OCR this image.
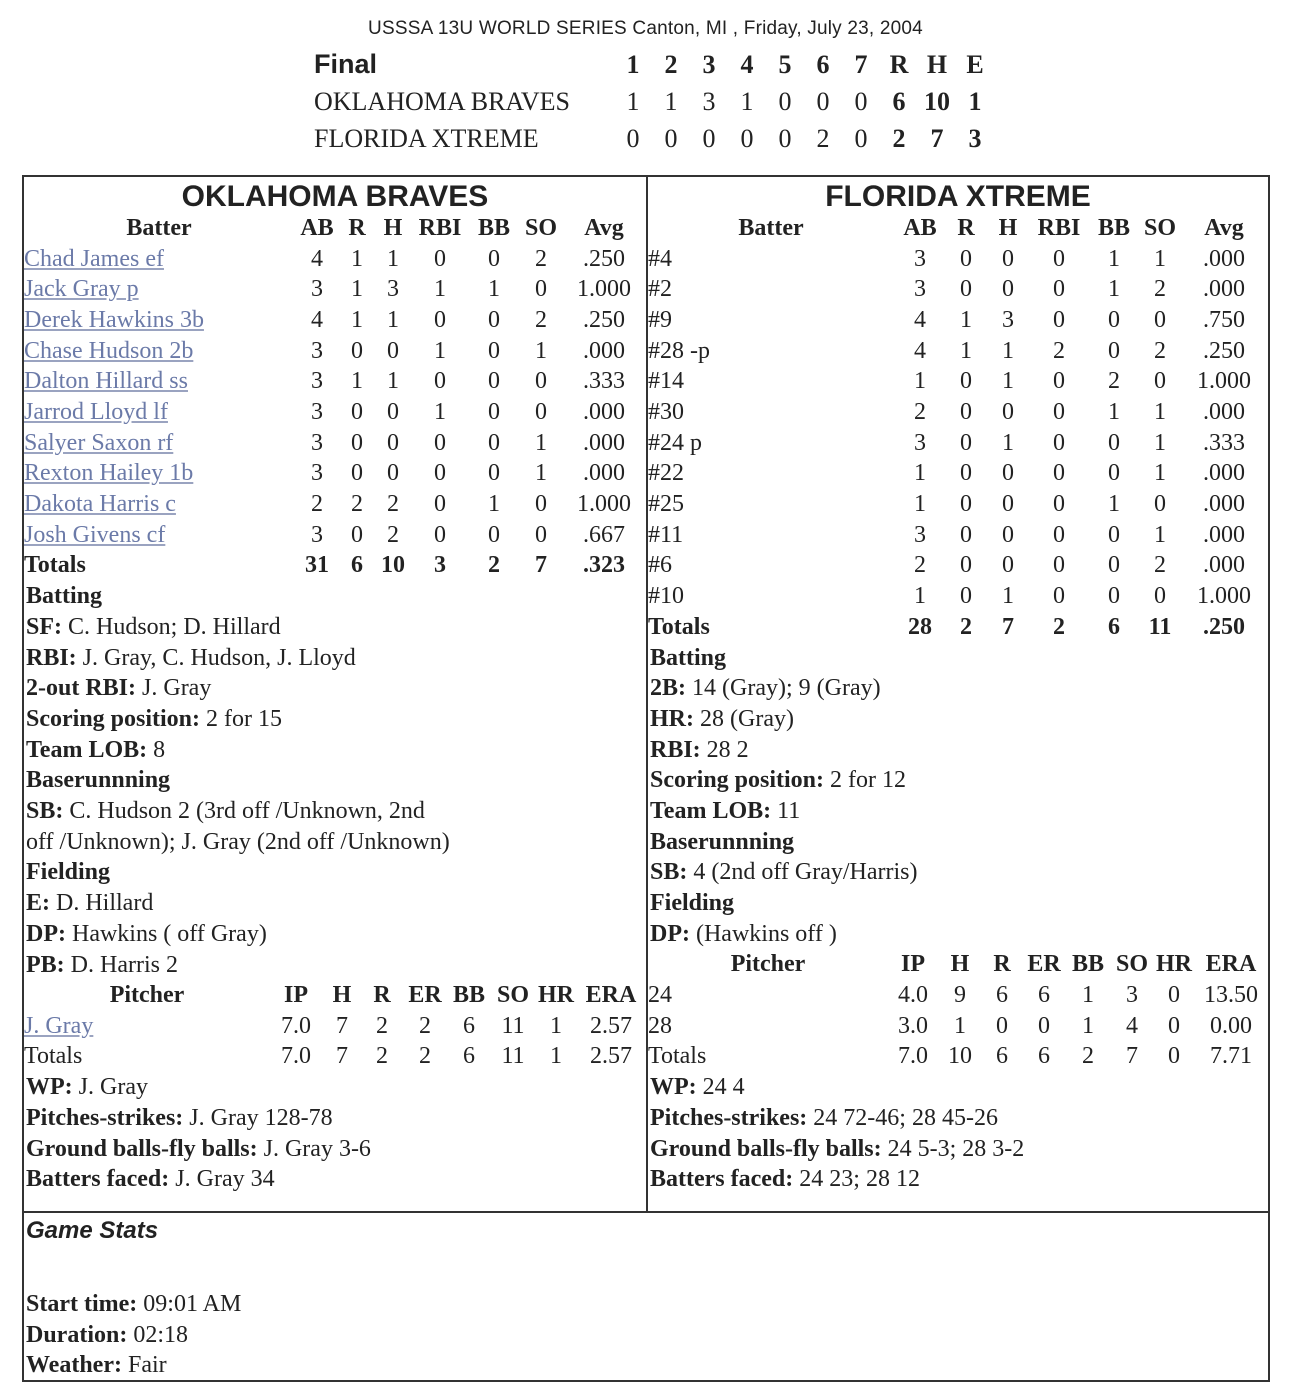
USSSA 13U WORLD SERIES Canton, MI , Friday, July 23, 2004
Final	1	2	3	4	5	6	7	R	H	E
OKLAHOMA BRAVES	1	1	3	1	0	0	0	6	10	1
FLORIDA XTREME	0	0	0	0	0	2	0	2	7	3
OKLAHOMA BRAVES
Batter	AB	R	H	RBI	BB	SO	Avg
Chad James ef	4	1	1	0	0	2	.250
Jack Gray p	3	1	3	1	1	0	1.000
Derek Hawkins 3b	4	1	1	0	0	2	.250
Chase Hudson 2b	3	0	0	1	0	1	.000
Dalton Hillard ss	3	1	1	0	0	0	.333
Jarrod Lloyd lf	3	0	0	1	0	0	.000
Salyer Saxon rf	3	0	0	0	0	1	.000
Rexton Hailey 1b	3	0	0	0	0	1	.000
Dakota Harris c	2	2	2	0	1	0	1.000
Josh Givens cf	3	0	2	0	0	0	.667
Totals	31	6	10	3	2	7	.323
Batting
SF: C. Hudson; D. Hillard
RBI: J. Gray, C. Hudson, J. Lloyd
2-out RBI: J. Gray
Scoring position: 2 for 15
Team LOB: 8
Baserunnning
SB: C. Hudson 2 (3rd off /Unknown, 2nd
off /Unknown); J. Gray (2nd off /Unknown)
Fielding
E: D. Hillard
DP: Hawkins ( off Gray)
PB: D. Harris 2
Pitcher	IP	H	R	ER	BB	SO	HR	ERA
J. Gray	7.0	7	2	2	6	11	1	2.57
Totals	7.0	7	2	2	6	11	1	2.57
WP: J. Gray
Pitches-strikes: J. Gray 128-78
Ground balls-fly balls: J. Gray 3-6
Batters faced: J. Gray 34
FLORIDA XTREME
Batter	AB	R	H	RBI	BB	SO	Avg
#4	3	0	0	0	1	1	.000
#2	3	0	0	0	1	2	.000
#9	4	1	3	0	0	0	.750
#28 -p	4	1	1	2	0	2	.250
#14	1	0	1	0	2	0	1.000
#30	2	0	0	0	1	1	.000
#24 p	3	0	1	0	0	1	.333
#22	1	0	0	0	0	1	.000
#25	1	0	0	0	1	0	.000
#11	3	0	0	0	0	1	.000
#6	2	0	0	0	0	2	.000
#10	1	0	1	0	0	0	1.000
Totals	28	2	7	2	6	11	.250
Batting
2B: 14 (Gray); 9 (Gray)
HR: 28 (Gray)
RBI: 28 2
Scoring position: 2 for 12
Team LOB: 11
Baserunnning
SB: 4 (2nd off Gray/Harris)
Fielding
DP: (Hawkins off )
Pitcher	IP	H	R	ER	BB	SO	HR	ERA
24	4.0	9	6	6	1	3	0	13.50
28	3.0	1	0	0	1	4	0	0.00
Totals	7.0	10	6	6	2	7	0	7.71
WP: 24 4
Pitches-strikes: 24 72-46; 28 45-26
Ground balls-fly balls: 24 5-3; 28 3-2
Batters faced: 24 23; 28 12
Game Stats
Start time: 09:01 AM
Duration: 02:18
Weather: Fair
